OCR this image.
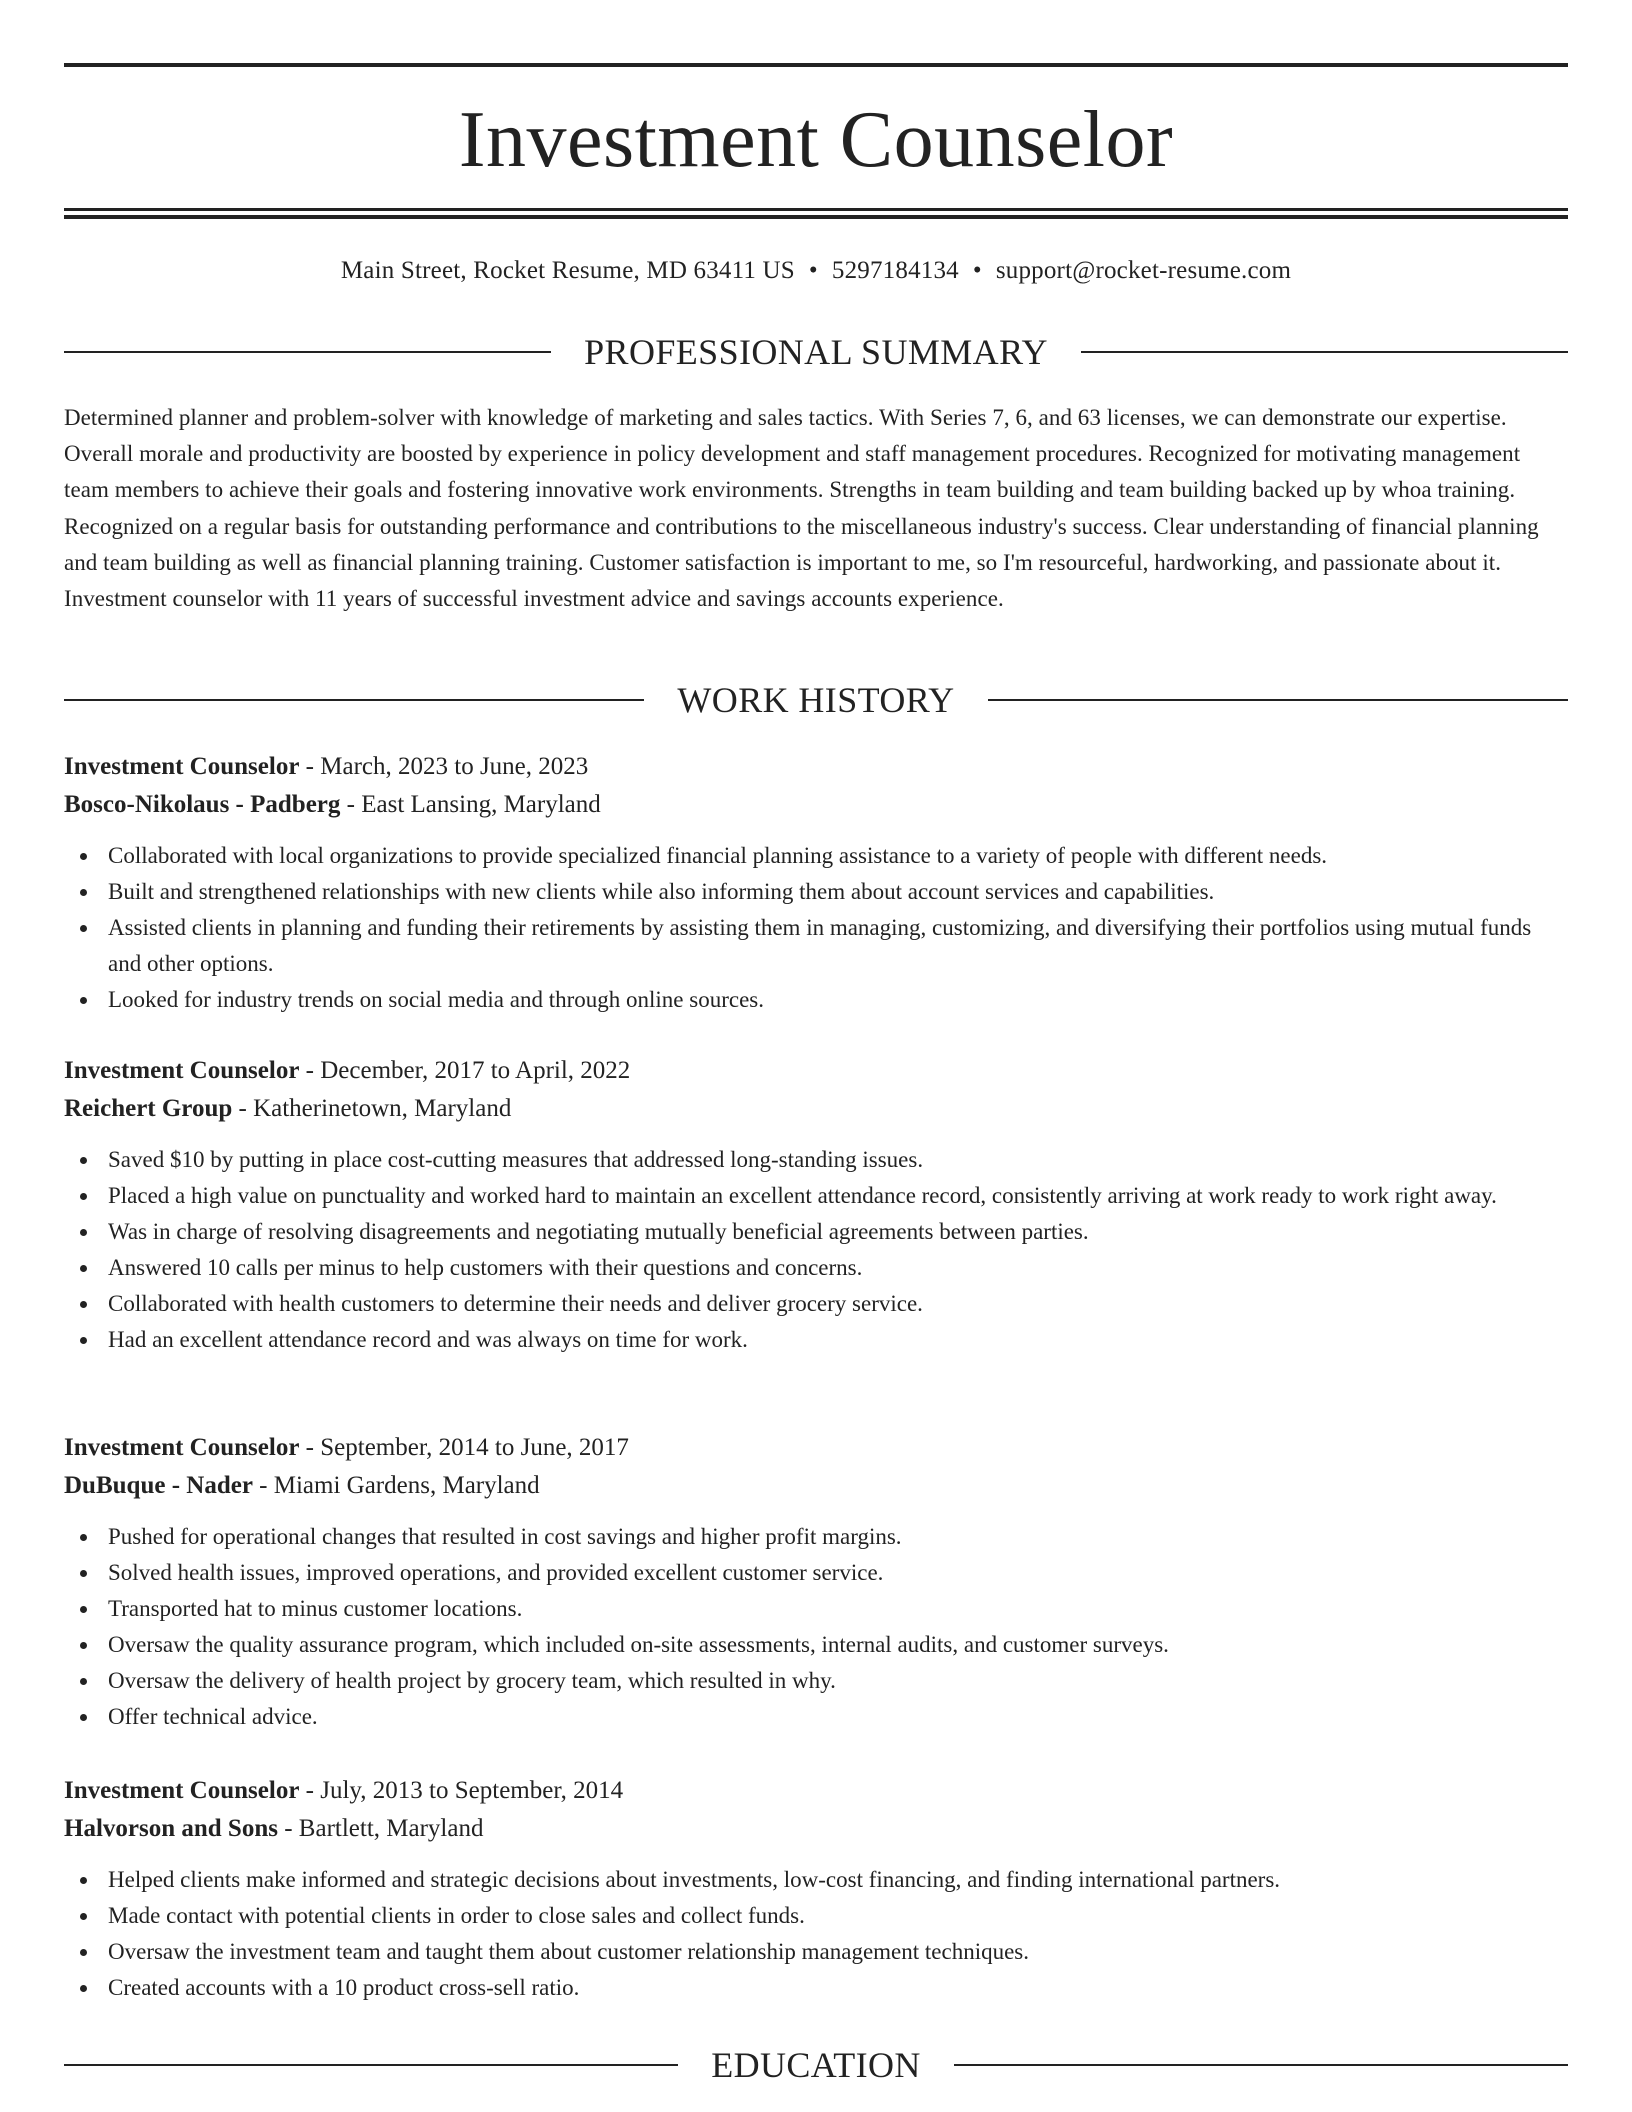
Investment Counselor
Main Street, Rocket Resume, MD 63411 US • 5297184134 • support@rocket-resume.com
PROFESSIONAL SUMMARY

Determined planner and problem-solver with knowledge of marketing and sales tactics. With Series 7, 6, and 63 licenses, we can demonstrate our expertise. Overall morale and productivity are boosted by experience in policy development and staff management procedures. Recognized for motivating management team members to achieve their goals and fostering innovative work environments. Strengths in team building and team building backed up by whoa training. Recognized on a regular basis for outstanding performance and contributions to the miscellaneous industry's success. Clear understanding of financial planning and team building as well as financial planning training. Customer satisfaction is important to me, so I'm resourceful, hardworking, and passionate about it. Investment counselor with 11 years of successful investment advice and savings accounts experience.

WORK HISTORY
Investment Counselor - March, 2023 to June, 2023
Bosco-Nikolaus - Padberg - East Lansing, Maryland
Collaborated with local organizations to provide specialized financial planning assistance to a variety of people with different needs.
Built and strengthened relationships with new clients while also informing them about account services and capabilities.
Assisted clients in planning and funding their retirements by assisting them in managing, customizing, and diversifying their portfolios using mutual funds and other options.
Looked for industry trends on social media and through online sources.
Investment Counselor - December, 2017 to April, 2022
Reichert Group - Katherinetown, Maryland
Saved $10 by putting in place cost-cutting measures that addressed long-standing issues.
Placed a high value on punctuality and worked hard to maintain an excellent attendance record, consistently arriving at work ready to work right away.
Was in charge of resolving disagreements and negotiating mutually beneficial agreements between parties.
Answered 10 calls per minus to help customers with their questions and concerns.
Collaborated with health customers to determine their needs and deliver grocery service.
Had an excellent attendance record and was always on time for work.
Investment Counselor - September, 2014 to June, 2017
DuBuque - Nader - Miami Gardens, Maryland
Pushed for operational changes that resulted in cost savings and higher profit margins.
Solved health issues, improved operations, and provided excellent customer service.
Transported hat to minus customer locations.
Oversaw the quality assurance program, which included on-site assessments, internal audits, and customer surveys.
Oversaw the delivery of health project by grocery team, which resulted in why.
Offer technical advice.
Investment Counselor - July, 2013 to September, 2014
Halvorson and Sons - Bartlett, Maryland
Helped clients make informed and strategic decisions about investments, low-cost financing, and finding international partners.
Made contact with potential clients in order to close sales and collect funds.
Oversaw the investment team and taught them about customer relationship management techniques.
Created accounts with a 10 product cross-sell ratio.
EDUCATION
